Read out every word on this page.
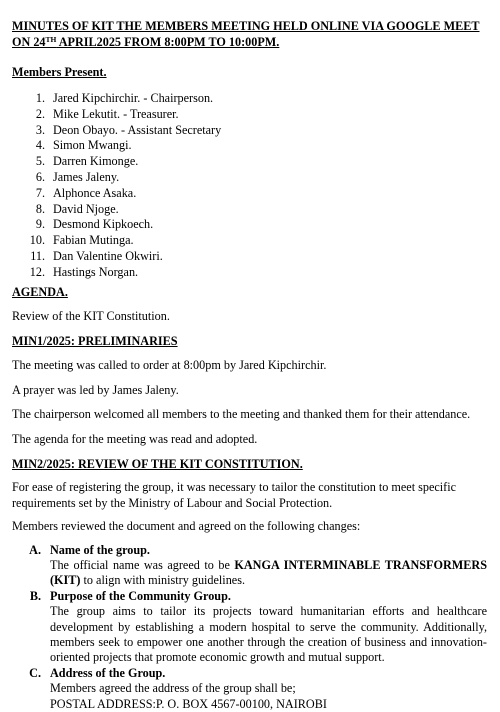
MINUTES OF KIT THE MEMBERS MEETING HELD ONLINE VIA GOOGLE MEET
ON 24TH APRIL2025 FROM 8:00PM TO 10:00PM.
Members Present.
1. Jared Kipchirchir. - Chairperson.
2. Mike Lekutit. - Treasurer.
3. Deon Obayo. - Assistant Secretary
4. Simon Mwangi.
5. Darren Kimonge.
6. James Jaleny.
7. Alphonce Asaka.
8. David Njoge.
9. Desmond Kipkoech.
10. Fabian Mutinga.
11. Dan Valentine Okwiri.
12. Hastings Norgan.
AGENDA.

Review of the KIT Constitution.

MIN1/2025: PRELIMINARIES

The meeting was called to order at 8:00pm by Jared Kipchirchir.

A prayer was led by James Jaleny.

The chairperson welcomed all members to the meeting and thanked them for their attendance.

The agenda for the meeting was read and adopted.

MIN2/2025: REVIEW OF THE KIT CONSTITUTION.

For ease of registering the group, it was necessary to tailor the constitution to meet specific requirements set by the Ministry of Labour and Social Protection.

Members reviewed the document and agreed on the following changes:

A. Name of the group.
The official name was agreed to be KANGA INTERMINABLE TRANSFORMERS (KIT) to align with ministry guidelines.
B. Purpose of the Community Group.
The group aims to tailor its projects toward humanitarian efforts and healthcare development by establishing a modern hospital to serve the community. Additionally, members seek to empower one another through the creation of business and innovation-oriented projects that promote economic growth and mutual support.
C. Address of the Group.
Members agreed the address of the group shall be;
POSTAL ADDRESS:P. O. BOX 4567-00100, NAIROBI
